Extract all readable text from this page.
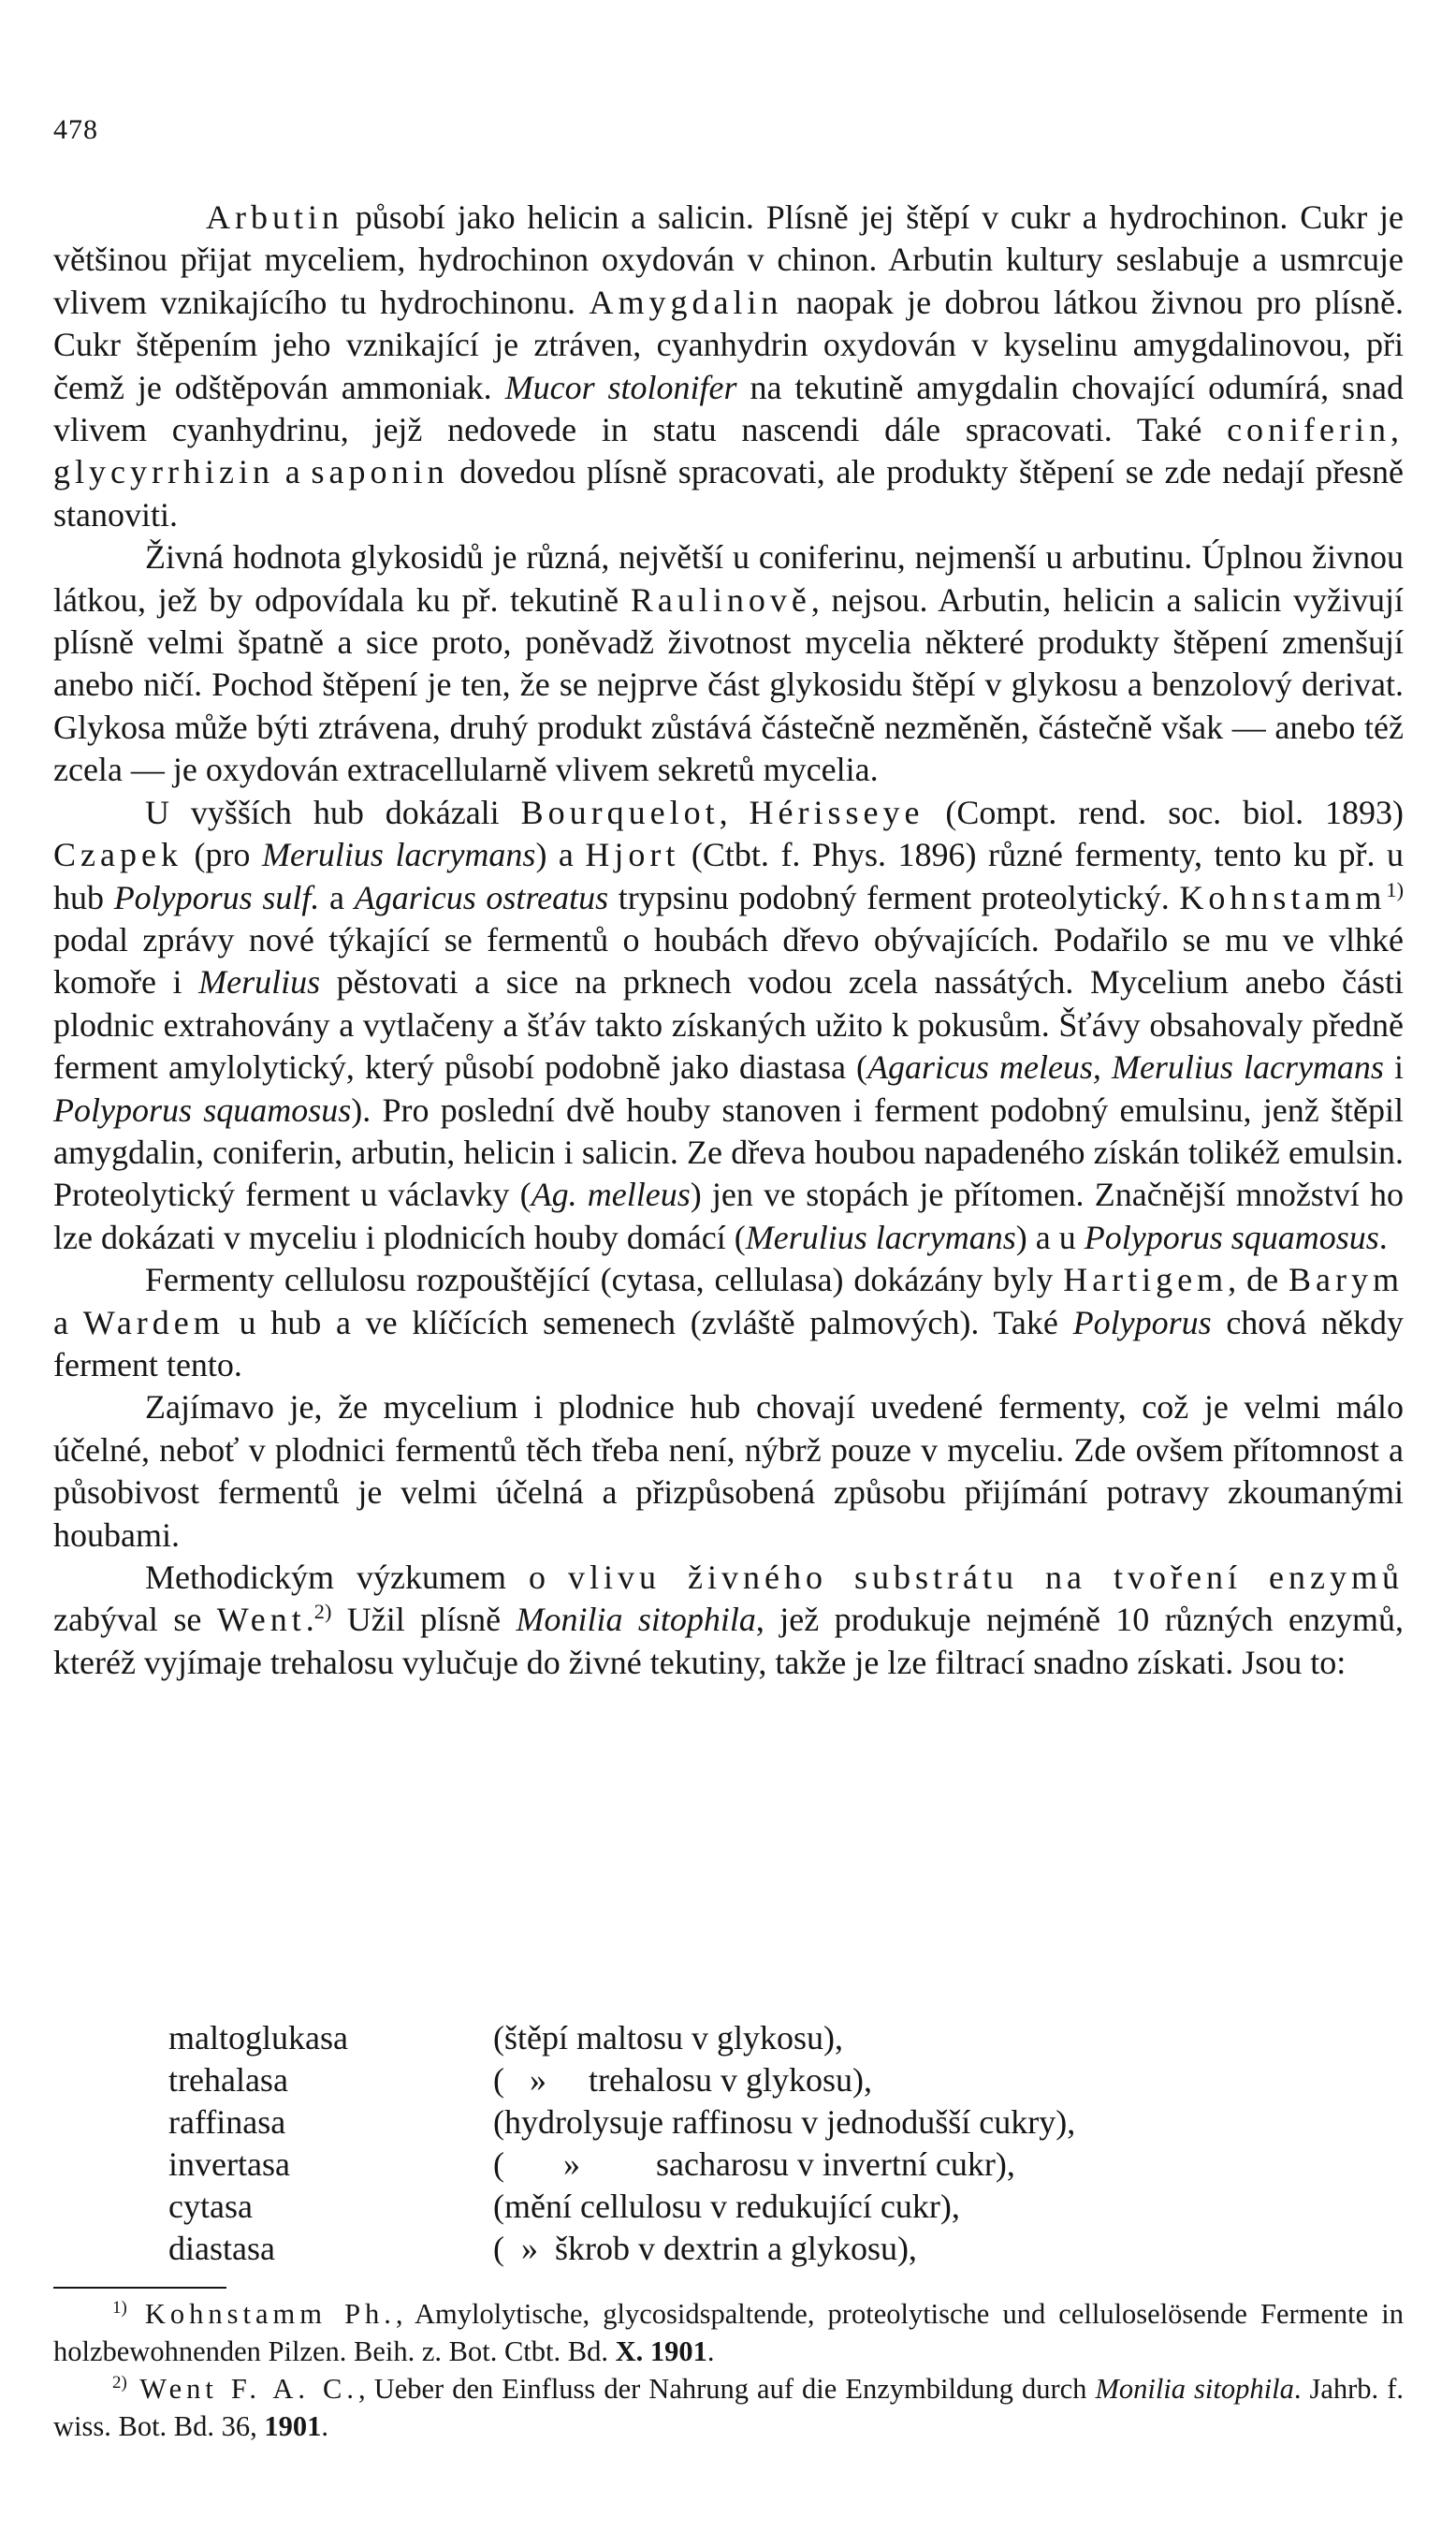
478

Arbutin působí jako helicin a salicin. Plísně jej štěpí v cukr a hydrochinon. Cukr je většinou přijat myceliem, hydrochinon oxydován v chinon. Arbutin kultury seslabuje a usmrcuje vlivem vznikajícího tu hydrochinonu. Amygdalin naopak je dobrou látkou živnou pro plísně. Cukr štěpením jeho vznikající je ztráven, cyanhydrin oxydován v kyselinu amygdalinovou, při čemž je odštěpován ammoniak. Mucor stolonifer na tekutině amygdalin chovající odumírá, snad vlivem cyanhydrinu, jejž nedovede in statu nascendi dále spracovati. Také coniferin, glycyrrhizin a saponin dovedou plísně spracovati, ale produkty štěpení se zde nedají přesně stanoviti.

Živná hodnota glykosidů je různá, největší u coniferinu, nejmenší u arbutinu. Úplnou živnou látkou, jež by odpovídala ku př. tekutině Raulinově, nejsou. Arbutin, helicin a salicin vyživují plísně velmi špatně a sice proto, poněvadž životnost mycelia některé produkty štěpení zmenšují anebo ničí. Pochod štěpení je ten, že se nejprve část glykosidu štěpí v glykosu a benzolový derivat. Glykosa může býti ztrávena, druhý produkt zůstává částečně nezměněn, částečně však — anebo též zcela — je oxydován extracellularně vlivem sekretů mycelia.

U vyšších hub dokázali Bourquelot, Hérisseye (Compt. rend. soc. biol. 1893) Czapek (pro Merulius lacrymans) a Hjort (Ctbt. f. Phys. 1896) různé fermenty, tento ku př. u hub Polyporus sulf. a Agaricus ostreatus trypsinu podobný ferment proteolytický. Kohnstamm$^{1)}$ podal zprávy nové týkající se fermentů o houbách dřevo obývajících. Podařilo se mu ve vlhké komoře i Merulius pěstovati a sice na prknech vodou zcela nassátých. Mycelium anebo části plodnic extrahovány a vytlačeny a šťáv takto získaných užito k pokusům. Šťávy obsahovaly předně ferment amylolytický, který působí podobně jako diastasa (Agaricus meleus, Merulius lacrymans i Polyporus squamosus). Pro poslední dvě houby stanoven i ferment podobný emulsinu, jenž štěpil amygdalin, coniferin, arbutin, helicin i salicin. Ze dřeva houbou napadeného získán tolikéž emulsin. Proteolytický ferment u václavky (Ag. melleus) jen ve stopách je přítomen. Značnější množství ho lze dokázati v myceliu i plodnicích houby domácí (Merulius lacrymans) a u Polyporus squamosus.

Fermenty cellulosu rozpouštějící (cytasa, cellulasa) dokázány byly Hartigem, de Barym a Wardem u hub a ve klíčících semenech (zvláště palmových). Také Polyporus chová někdy ferment tento.

Zajímavo je, že mycelium i plodnice hub chovají uvedené fermenty, což je velmi málo účelné, neboť v plodnici fermentů těch třeba není, nýbrž pouze v myceliu. Zde ovšem přítomnost a působivost fermentů je velmi účelná a přizpůsobená způsobu přijímání potravy zkoumanými houbami.

Methodickým výzkumem o vlivu živného substrátu na tvoření enzymů zabýval se Went.$^{2)}$ Užil plísně Monilia sitophila, jež produkuje nejméně 10 různých enzymů, kteréž vyjímaje trehalosu vylučuje do živné tekutiny, takže je lze filtrací snadno získati. Jsou to:

maltoglukasa	(štěpí maltosu v glykosu),
trehalasa	(   »     trehalosu v glykosu),
raffinasa	(hydrolysuje raffinosu v jednodušší cukry),
invertasa	(       »         sacharosu v invertní cukr),
cytasa	(mění cellulosu v redukující cukr),
diastasa	(  »  škrob v dextrin a glykosu),

$^{1)}$ Kohnstamm Ph., Amylolytische, glycosidspaltende, proteolytische und celluloselösende Fermente in holzbewohnenden Pilzen. Beih. z. Bot. Ctbt. Bd. X. 1901.

$^{2)}$ Went F. A. C., Ueber den Einfluss der Nahrung auf die Enzymbildung durch Monilia sitophila. Jahrb. f. wiss. Bot. Bd. 36, 1901.
